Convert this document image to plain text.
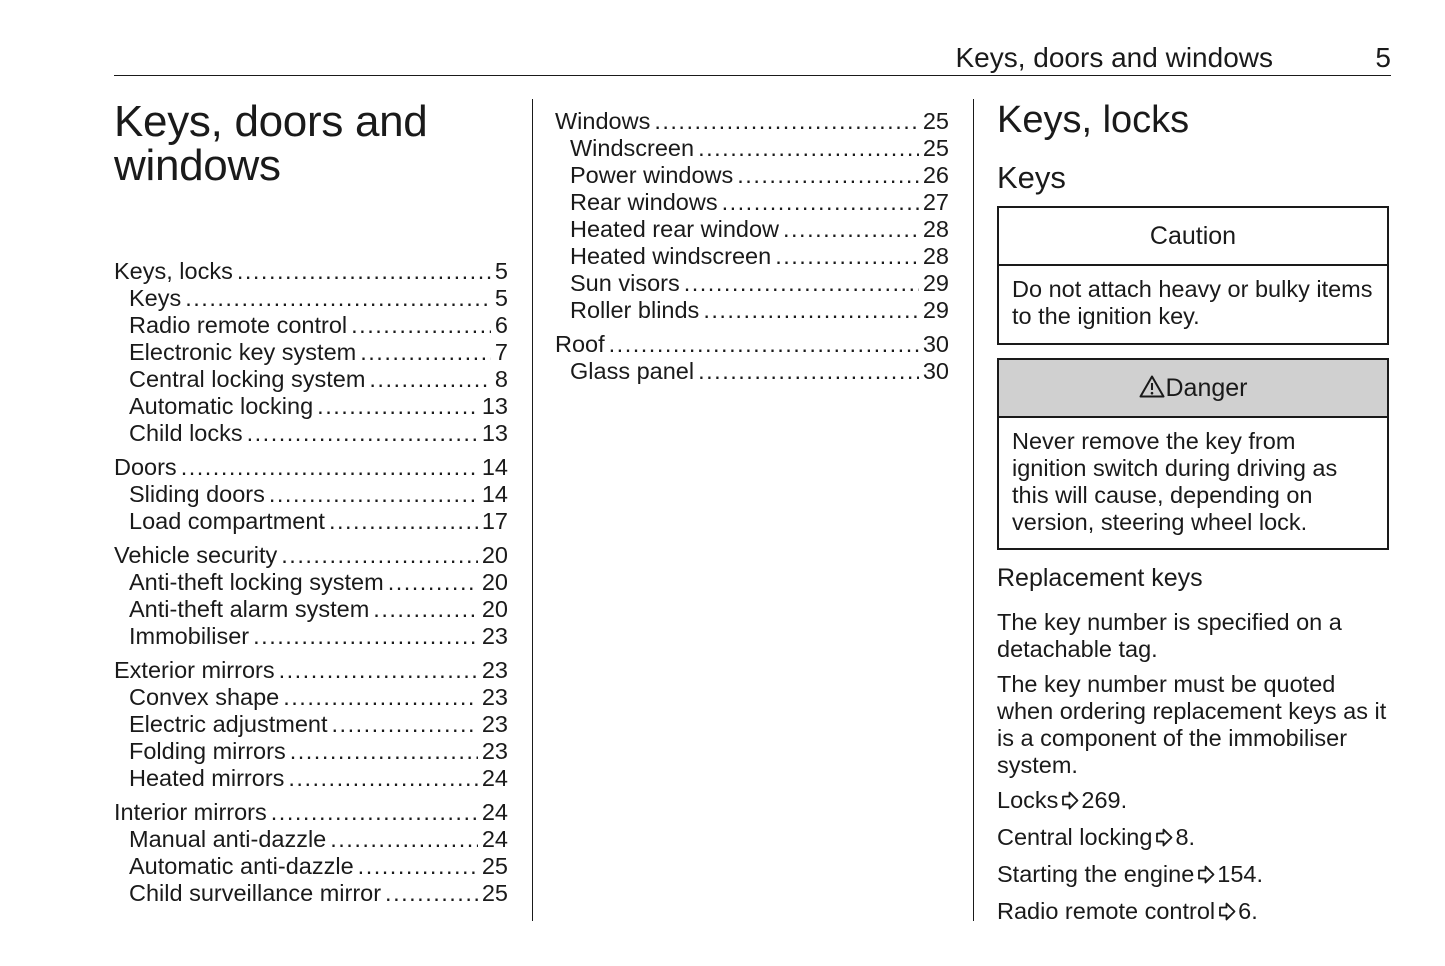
Keys, doors and windows	5
Keys, doors and
windows
Keys, locks .....	5
Keys .....	5
Radio remote control .....	6
Electronic key system .....	7
Central locking system .....	8
Automatic locking .....	13
Child locks .....	13
Doors .....	14
Sliding doors .....	14
Load compartment .....	17
Vehicle security .....	20
Anti-theft locking system .....	20
Anti-theft alarm system .....	20
Immobiliser .....	23
Exterior mirrors .....	23
Convex shape .....	23
Electric adjustment .....	23
Folding mirrors .....	23
Heated mirrors .....	24
Interior mirrors .....	24
Manual anti-dazzle .....	24
Automatic anti-dazzle .....	25
Child surveillance mirror .....	25
Windows .....	25
Windscreen .....	25
Power windows .....	26
Rear windows .....	27
Heated rear window .....	28
Heated windscreen .....	28
Sun visors .....	29
Roller blinds .....	29
Roof .....	30
Glass panel .....	30
Keys, locks
Keys
Caution
Do not attach heavy or bulky items to the ignition key.
Danger
Never remove the key from ignition switch during driving as this will cause, depending on version, steering wheel lock.
Replacement keys

The key number is specified on a detachable tag.

The key number must be quoted when ordering replacement keys as it is a component of the immobiliser system.

Locks 269.

Central locking 8.

Starting the engine 154.

Radio remote control 6.
